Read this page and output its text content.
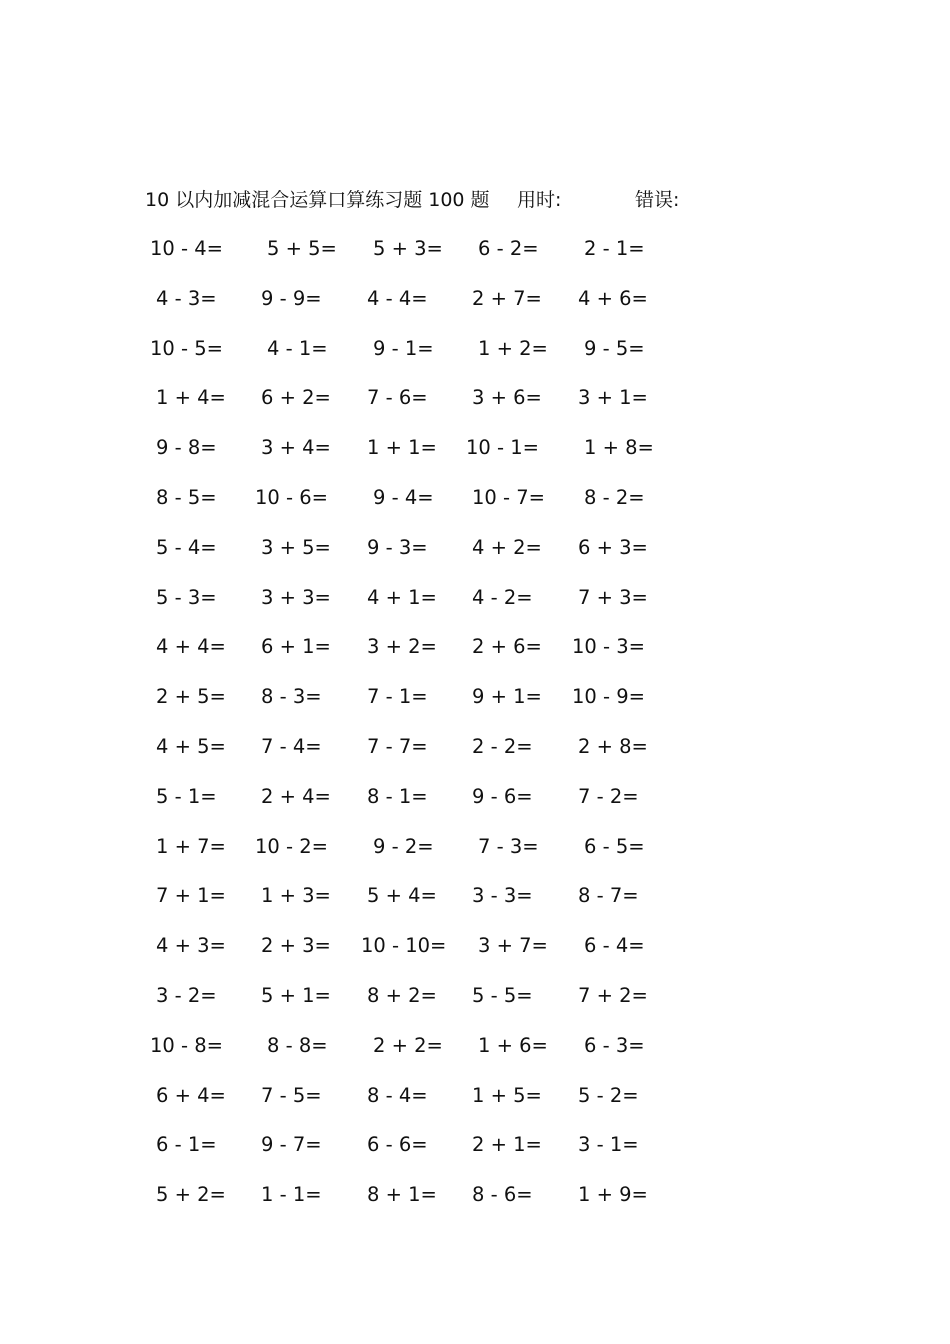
10 以内加减混合运算口算练习题 100 题 用时:	错误:
10 - 4= 5 + 5= 5 + 3= 6 - 2= 2 - 1=
4 - 3= 9 - 9= 4 - 4= 2 + 7= 4 + 6=
10 - 5= 4 - 1= 9 - 1= 1 + 2= 9 - 5=
1 + 4= 6 + 2= 7 - 6= 3 + 6= 3 + 1=
9 - 8= 3 + 4= 1 + 1= 10 - 1= 1 + 8=
8 - 5= 10 - 6= 9 - 4= 10 - 7= 8 - 2=
5 - 4= 3 + 5= 9 - 3= 4 + 2= 6 + 3=
5 - 3= 3 + 3= 4 + 1= 4 - 2= 7 + 3=
4 + 4= 6 + 1= 3 + 2= 2 + 6= 10 - 3=
2 + 5= 8 - 3= 7 - 1= 9 + 1= 10 - 9=
4 + 5= 7 - 4= 7 - 7= 2 - 2= 2 + 8=
5 - 1= 2 + 4= 8 - 1= 9 - 6= 7 - 2=
1 + 7= 10 - 2= 9 - 2= 7 - 3= 6 - 5=
7 + 1= 1 + 3= 5 + 4= 3 - 3= 8 - 7=
4 + 3= 2 + 3= 10 - 10= 3 + 7= 6 - 4=
3 - 2= 5 + 1= 8 + 2= 5 - 5= 7 + 2=
10 - 8= 8 - 8= 2 + 2= 1 + 6= 6 - 3=
6 + 4= 7 - 5= 8 - 4= 1 + 5= 5 - 2=
6 - 1= 9 - 7= 6 - 6= 2 + 1= 3 - 1=
5 + 2= 1 - 1= 8 + 1= 8 - 6= 1 + 9=
